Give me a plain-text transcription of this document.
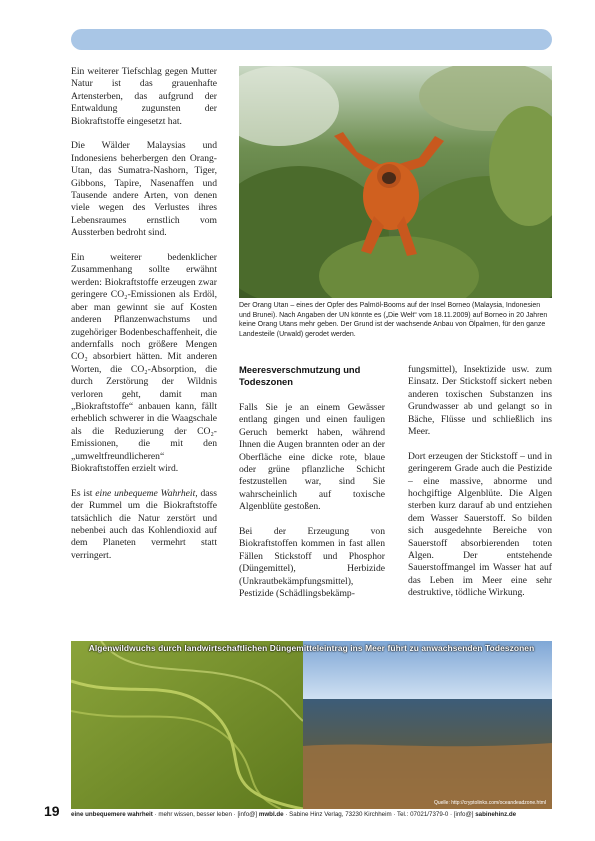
Ein weiterer Tiefschlag gegen Mutter Natur ist das grauenhafte Artensterben, das aufgrund der Entwaldung zugunsten der Biokraftstoffe eingesetzt hat.

Die Wälder Malaysias und Indonesiens beherbergen den Orang-Utan, das Sumatra-Nashorn, Tiger, Gibbons, Tapire, Nasenaffen und Tausende andere Arten, von denen viele wegen des Verlustes ihres Lebensraumes ernstlich vom Aussterben bedroht sind.

Ein weiterer bedenklicher Zusammenhang sollte erwähnt werden: Biokraftstoffe erzeugen zwar geringere CO₂-Emissionen als Erdöl, aber man gewinnt sie auf Kosten anderen Pflanzenwachstums und zugehöriger Bodenbeschaffenheit, die andernfalls noch größere Mengen CO₂ absorbiert hätten. Mit anderen Worten, die CO₂-Absorption, die durch Zerstörung der Wildnis verloren geht, damit man „Biokraftstoffe“ anbauen kann, fällt erheblich schwerer in die Waagschale als die Reduzierung der CO₂-Emissionen, die mit den „umweltfreundlicheren“ Biokraftstoffen erzielt wird.

Es ist eine unbequeme Wahrheit, dass der Rummel um die Biokraftstoffe tatsächlich die Natur zerstört und nebenbei auch das Kohlendioxid auf dem Planeten vermehrt statt verringert.

Der Orang Utan – eines der Opfer des Palmöl-Booms auf der Insel Borneo (Malaysia, Indonesien und Brunei). Nach Angaben der UN könnte es („Die Welt“ vom 18.11.2009) auf Borneo in 20 Jahren keine Orang Utans mehr geben. Der Grund ist der wachsende Anbau von Ölpalmen, für den ganze Landesteile (Urwald) gerodet werden.
Meeresverschmutzung und Todeszonen

Falls Sie je an einem Gewässer entlang gingen und einen fauligen Geruch bemerkt haben, während Ihnen die Augen brannten oder an der Oberfläche eine dicke rote, blaue oder grüne pflanzliche Schicht festzustellen war, sind Sie wahrscheinlich auf toxische Algenblüte gestoßen.

Bei der Erzeugung von Biokraftstoffen kommen in fast allen Fällen Stickstoff und Phosphor (Düngemittel), Herbizide (Unkrautbekämpfungsmittel), Pestizide (Schädlingsbekämp-

fungsmittel), Insektizide usw. zum Einsatz. Der Stickstoff sickert neben anderen toxischen Substanzen ins Grundwasser ab und gelangt so in Bäche, Flüsse und schließlich ins Meer.

Dort erzeugen der Stickstoff – und in geringerem Grade auch die Pestizide – eine massive, abnorme und hochgiftige Algenblüte. Die Algen sterben kurz darauf ab und entziehen dem Wasser Sauerstoff. So bilden sich ausgedehnte Bereiche von Sauerstoff absorbierenden toten Algen. Der entstehende Sauerstoffmangel im Wasser hat auf das Leben im Meer eine sehr destruktive, tödliche Wirkung.

Algenwildwuchs durch landwirtschaftlichen Düngemitteleintrag ins Meer führt zu anwachsenden Todeszonen
Quelle: http://cryptolinks.com/oceandeadzone.html
19 eine unbequemere wahrheit · mehr wissen, besser leben · [info@] mwbl.de · Sabine Hinz Verlag, 73230 Kirchheim · Tel.: 07021/7379-0 · [info@] sabinehinz.de
